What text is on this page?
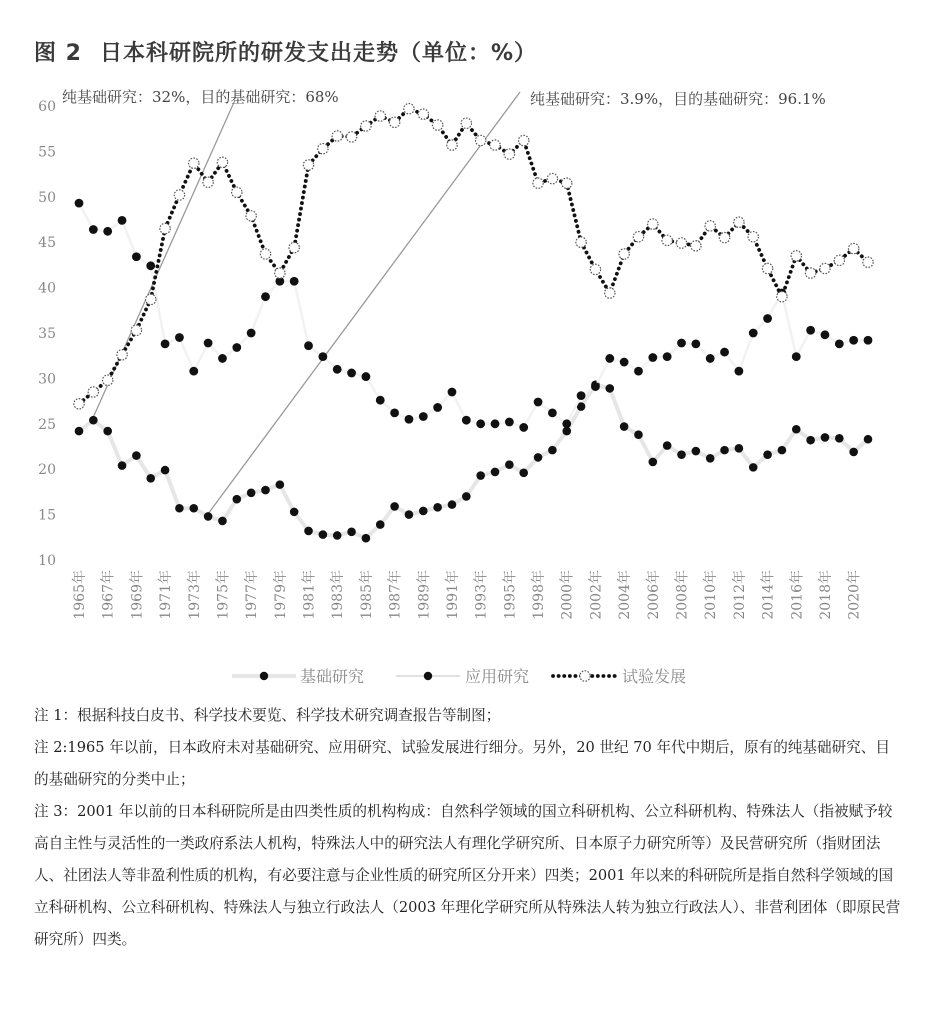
图 2 日本科研院所的研发支出走势（单位：%）
10
15
20
25
30
35
40
45
50
55
60
1965年 1967年 1969年 1971年 1973年 1975年 1977年 1979年 1981年 1983年 1985年 1987年 1989年 1991年 1993年 1995年 1998年 2000年 2002年 2004年 2006年 2008年 2010年 2012年 2014年 2016年 2018年 2020年
纯基础研究：32%，目的基础研究：68%	纯基础研究：3.9%，目的基础研究：96.1%
基础研究	应用研究	试验发展

注 1：根据科技白皮书、科学技术要览、科学技术研究调查报告等制图；

注 2:1965 年以前，日本政府未对基础研究、应用研究、试验发展进行细分。另外，20 世纪 70 年代中期后，原有的纯基础研究、目的基础研究的分类中止；

注 3：2001 年以前的日本科研院所是由四类性质的机构构成：自然科学领域的国立科研机构、公立科研机构、特殊法人（指被赋予较高自主性与灵活性的一类政府系法人机构，特殊法人中的研究法人有理化学研究所、日本原子力研究所等）及民营研究所（指财团法人、社团法人等非盈利性质的机构，有必要注意与企业性质的研究所区分开来）四类；2001 年以来的科研院所是指自然科学领域的国立科研机构、公立科研机构、特殊法人与独立行政法人（2003 年理化学研究所从特殊法人转为独立行政法人）、非营利团体（即原民营研究所）四类。
